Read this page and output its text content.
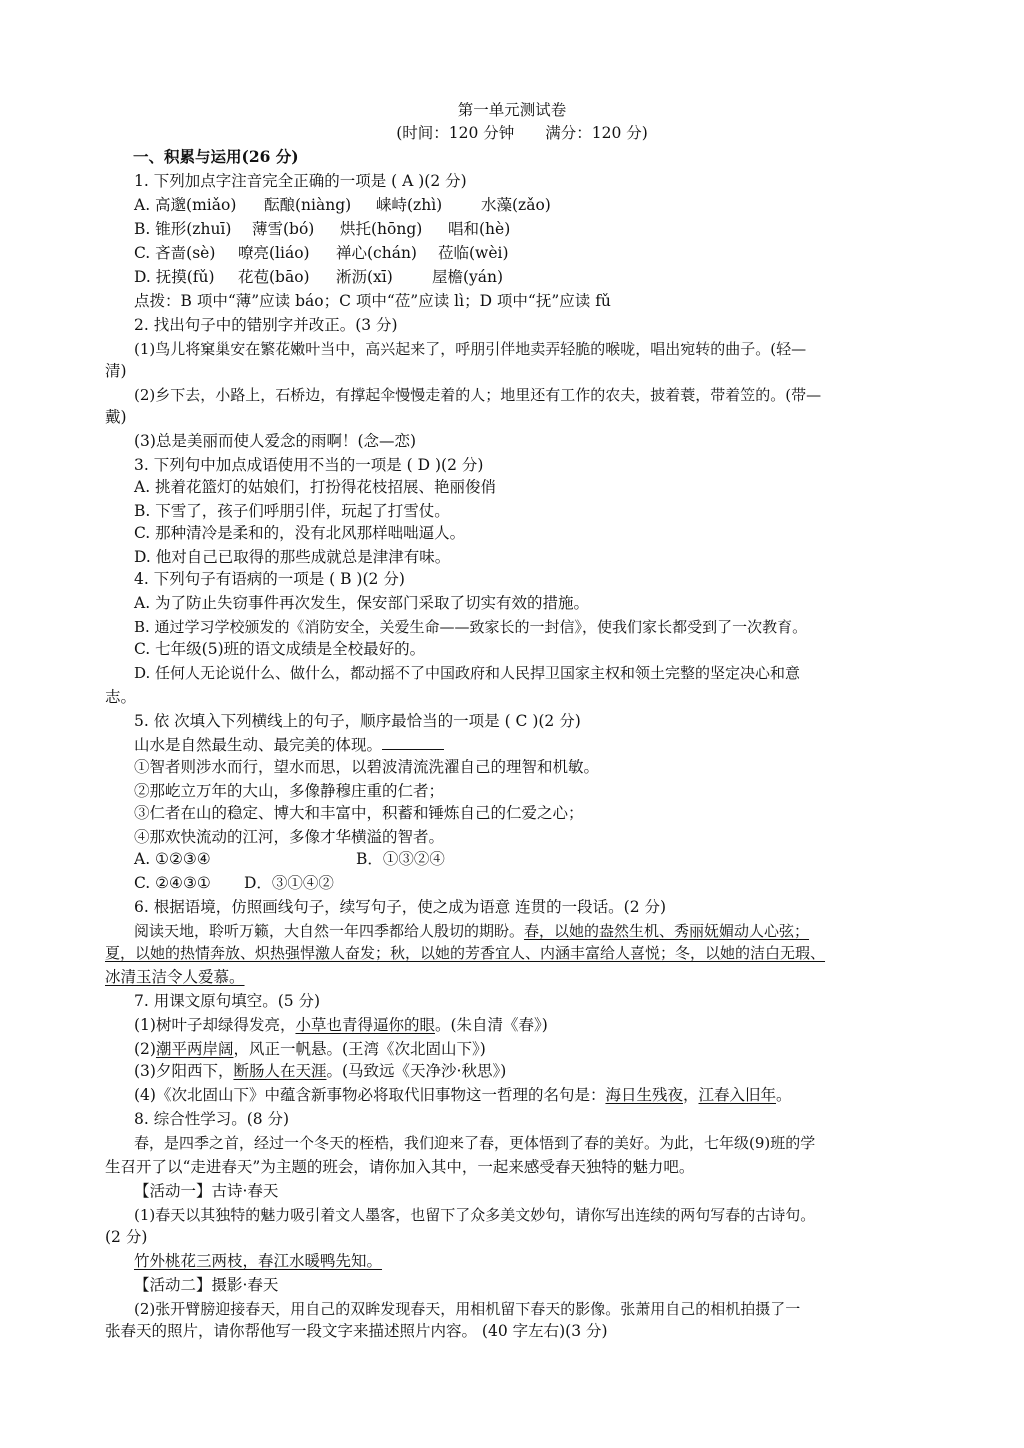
第一单元测试卷
(时间：120 分钟　　满分：120 分)
一、积累与运用(26 分)
1. 下列加点字注音完全正确的一项是 ( A )(2 分)
A. 高邈(miǎo) 酝酿(niàng) 崃峙(zhì)	水藻(zǎo)
B. 锥形(zhuī) 薄雪(bó) 烘托(hōng) 唱和(hè)
C. 吝啬(sè) 嘹亮(liáo) 禅心(chán) 莅临(wèi)
D. 抚摸(fǔ) 花苞(bāo) 淅沥(xī)	屋檐(yán)
点拨：B 项中“薄”应读 báo；C 项中“莅”应读 lì；D 项中“抚”应读 fǔ
2. 找出句子中的错别字并改正。(3 分)
(1)鸟儿将窠巢安在繁花嫩叶当中，高兴起来了，呼朋引伴地卖弄轻脆的喉咙，唱出宛转的曲子。(轻—
清)
(2)乡下去，小路上，石桥边，有撑起伞慢慢走着的人；地里还有工作的农夫，披着蓑，带着笠的。(带—
戴)
(3)总是美丽而使人爱念的雨啊！(念—恋)
3. 下列句中加点成语使用不当的一项是 ( D )(2 分)
A. 挑着花篮灯的姑娘们，打扮得花枝招展、艳丽俊俏
B. 下雪了，孩子们呼朋引伴，玩起了打雪仗。
C. 那种清冷是柔和的，没有北风那样咄咄逼人。
D. 他对自己已取得的那些成就总是津津有味。
4. 下列句子有语病的一项是 ( B )(2 分)
A. 为了防止失窃事件再次发生，保安部门采取了切实有效的措施。
B. 通过学习学校颁发的《消防安全，关爱生命——致家长的一封信》，使我们家长都受到了一次教育。
C. 七年级(5)班的语文成绩是全校最好的。
D. 任何人无论说什么、做什么，都动摇不了中国政府和人民捍卫国家主权和领土完整的坚定决心和意
志。
5. 依 次填入下列横线上的句子，顺序最恰当的一项是 ( C )(2 分)
山水是自然最生动、最完美的体现。
①智者则涉水而行，望水而思，以碧波清流洗濯自己的理智和机敏。
②那屹立万年的大山，多像静穆庄重的仁者；
③仁者在山的稳定、博大和丰富中，积蓄和锤炼自己的仁爱之心；
④那欢快流动的江河，多像才华横溢的智者。
A. ①②③④	B．①③②④
C. ②④③① D．③①④②
6. 根据语境，仿照画线句子，续写句子，使之成为语意 连贯的一段话。(2 分)
阅读天地，聆听万籁，大自然一年四季都给人殷切的期盼。春，以她的盎然生机、秀丽妩媚动人心弦；
夏，以她的热情奔放、炽热强悍激人奋发；秋，以她的芳香宜人、内涵丰富给人喜悦；冬，以她的洁白无瑕、
冰清玉洁令人爱慕。
7. 用课文原句填空。(5 分)
(1)树叶子却绿得发亮，小草也青得逼你的眼。(朱自清《春》)
(2)潮平两岸阔，风正一帆悬。(王湾《次北固山下》)
(3)夕阳西下，断肠人在天涯。(马致远《天净沙·秋思》)
(4)《次北固山下》中蕴含新事物必将取代旧事物这一哲理的名句是：海日生残夜，江春入旧年。
8. 综合性学习。(8 分)
春，是四季之首，经过一个冬天的桎梏，我们迎来了春，更体悟到了春的美好。为此，七年级(9)班的学
生召开了以“走进春天”为主题的班会，请你加入其中，一起来感受春天独特的魅力吧。
【活动一】古诗·春天
(1)春天以其独特的魅力吸引着文人墨客，也留下了众多美文妙句，请你写出连续的两句写春的古诗句。
(2 分)
竹外桃花三两枝，春江水暖鸭先知。
【活动二】摄影·春天
(2)张开臂膀迎接春天，用自己的双眸发现春天，用相机留下春天的影像。张萧用自己的相机拍摄了一
张春天的照片，请你帮他写一段文字来描述照片内容。 (40 字左右)(3 分)
